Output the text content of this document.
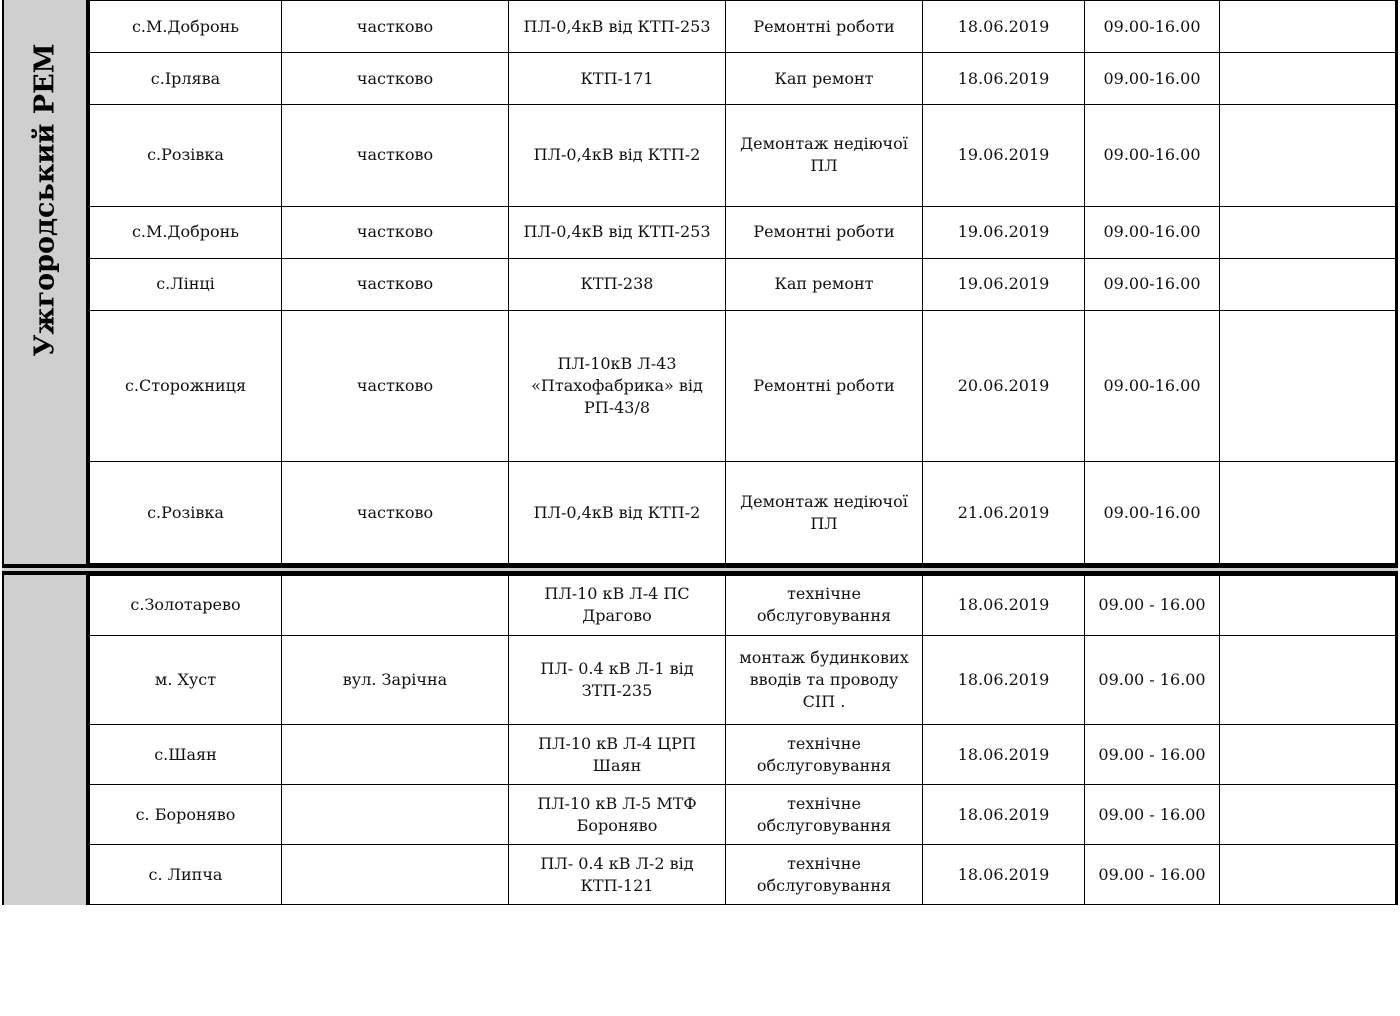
Ужгородський РЕМ
с.М.Добронь	частково	ПЛ-0,4кВ від КТП-253	Ремонтні роботи	18.06.2019	09.00-16.00	
с.Ірлява	частково	КТП-171	Кап ремонт	18.06.2019	09.00-16.00	
с.Розівка	частково	ПЛ-0,4кВ від КТП-2	Демонтаж недіючої ПЛ	19.06.2019	09.00-16.00	
с.М.Добронь	частково	ПЛ-0,4кВ від КТП-253	Ремонтні роботи	19.06.2019	09.00-16.00	
с.Лінці	частково	КТП-238	Кап ремонт	19.06.2019	09.00-16.00	
с.Сторожниця	частково	ПЛ-10кВ Л-43 «Птахофабрика» від РП-43/8	Ремонтні роботи	20.06.2019	09.00-16.00	
с.Розівка	частково	ПЛ-0,4кВ від КТП-2	Демонтаж недіючої ПЛ	21.06.2019	09.00-16.00	
с.Золотарево		ПЛ-10 кВ Л-4 ПС Драгово	технічне обслуговування	18.06.2019	09.00 - 16.00	
м. Хуст	вул. Зарічна	ПЛ- 0.4 кВ Л-1 від ЗТП-235	монтаж будинкових вводів та проводу СІП .	18.06.2019	09.00 - 16.00	
с.Шаян		ПЛ-10 кВ Л-4 ЦРП Шаян	технічне обслуговування	18.06.2019	09.00 - 16.00	
с. Бороняво		ПЛ-10 кВ Л-5 МТФ Бороняво	технічне обслуговування	18.06.2019	09.00 - 16.00	
с. Липча		ПЛ- 0.4 кВ Л-2 від КТП-121	технічне обслуговування	18.06.2019	09.00 - 16.00	
